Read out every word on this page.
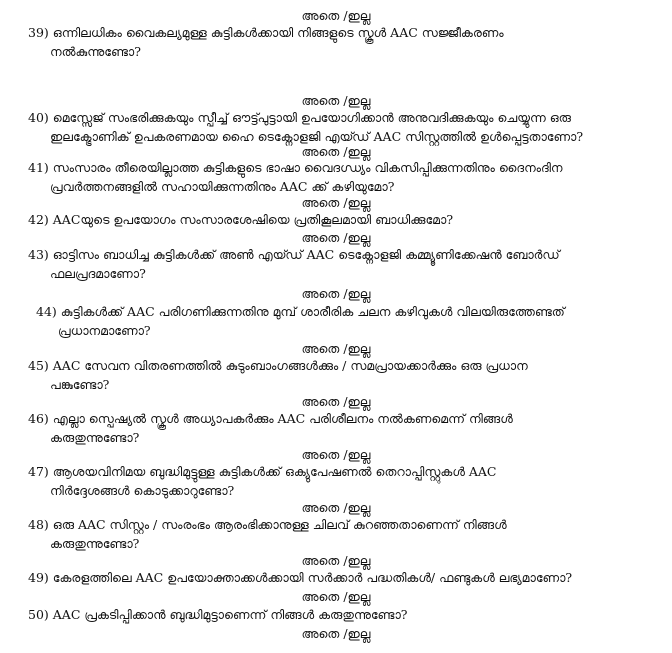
അതെ /ഇല്ല
39) ഒന്നിലധികം വൈകല്യമുള്ള കുട്ടികൾക്കായി നിങ്ങളുടെ സ്കൂൾ AAC സജ്ജീകരണം
നൽകുന്നുണ്ടോ?
അതെ /ഇല്ല
40) മെസ്സേജ് സംഭരിക്കുകയും സ്പീച്ച് ഔട്ട്പുട്ടായി ഉപയോഗിക്കാൻ അനുവദിക്കുകയും ചെയ്യുന്ന ഒരു
ഇലക്ട്രോണിക് ഉപകരണമായ ഹൈ ടെക്നോളജി എയ്ഡ് AAC സിസ്റ്റത്തിൽ ഉൾപ്പെട്ടതാണോ?
അതെ /ഇല്ല
41) സംസാരം തീരെയില്ലാത്ത കുട്ടികളുടെ ഭാഷാ വൈദഗ്ധ്യം വികസിപ്പിക്കുന്നതിനും ദൈനംദിന
പ്രവർത്തനങ്ങളിൽ സഹായിക്കുന്നതിനും AAC ക്ക് കഴിയുമോ?
അതെ /ഇല്ല
42) AACയുടെ ഉപയോഗം സംസാരശേഷിയെ പ്രതികൂലമായി ബാധിക്കുമോ?
അതെ /ഇല്ല
43) ഓട്ടിസം ബാധിച്ച കുട്ടികൾക്ക് അൺ എയ്ഡ് AAC ടെക്നോളജി കമ്മ്യൂണിക്കേഷൻ ബോർഡ്
ഫലപ്രദമാണോ?
അതെ /ഇല്ല
44) കുട്ടികൾക്ക് AAC പരിഗണിക്കുന്നതിനു മുമ്പ് ശാരീരിക ചലന കഴിവുകൾ വിലയിരുത്തേണ്ടത്
പ്രധാനമാണോ?
അതെ /ഇല്ല
45) AAC സേവന വിതരണത്തിൽ കുടുംബാംഗങ്ങൾക്കും / സമപ്രായക്കാർക്കും ഒരു പ്രധാന
പങ്കുണ്ടോ?
അതെ /ഇല്ല
46) എല്ലാ സ്പെഷ്യൽ സ്കൂൾ അധ്യാപകർക്കും AAC പരിശീലനം നൽകണമെന്ന് നിങ്ങൾ
കരുതുന്നുണ്ടോ?
അതെ /ഇല്ല
47) ആശയവിനിമയ ബുദ്ധിമുട്ടുള്ള കുട്ടികൾക്ക് ഒക്യുപേഷണൽ തെറാപ്പിസ്റ്റുകൾ AAC
നിർദ്ദേശങ്ങൾ കൊടുക്കാറുണ്ടോ?
അതെ /ഇല്ല
48) ഒരു AAC സിസ്റ്റം / സംരംഭം ആരംഭിക്കാനുള്ള ചിലവ് കുറഞ്ഞതാണെന്ന് നിങ്ങൾ
കരുതുന്നുണ്ടോ?
അതെ /ഇല്ല
49) കേരളത്തിലെ AAC ഉപയോക്താക്കൾക്കായി സർക്കാർ പദ്ധതികൾ/ ഫണ്ടുകൾ ലഭ്യമാണോ?
അതെ /ഇല്ല
50) AAC പ്രകടിപ്പിക്കാൻ ബുദ്ധിമുട്ടാണെന്ന് നിങ്ങൾ കരുതുന്നുണ്ടോ?
അതെ /ഇല്ല
